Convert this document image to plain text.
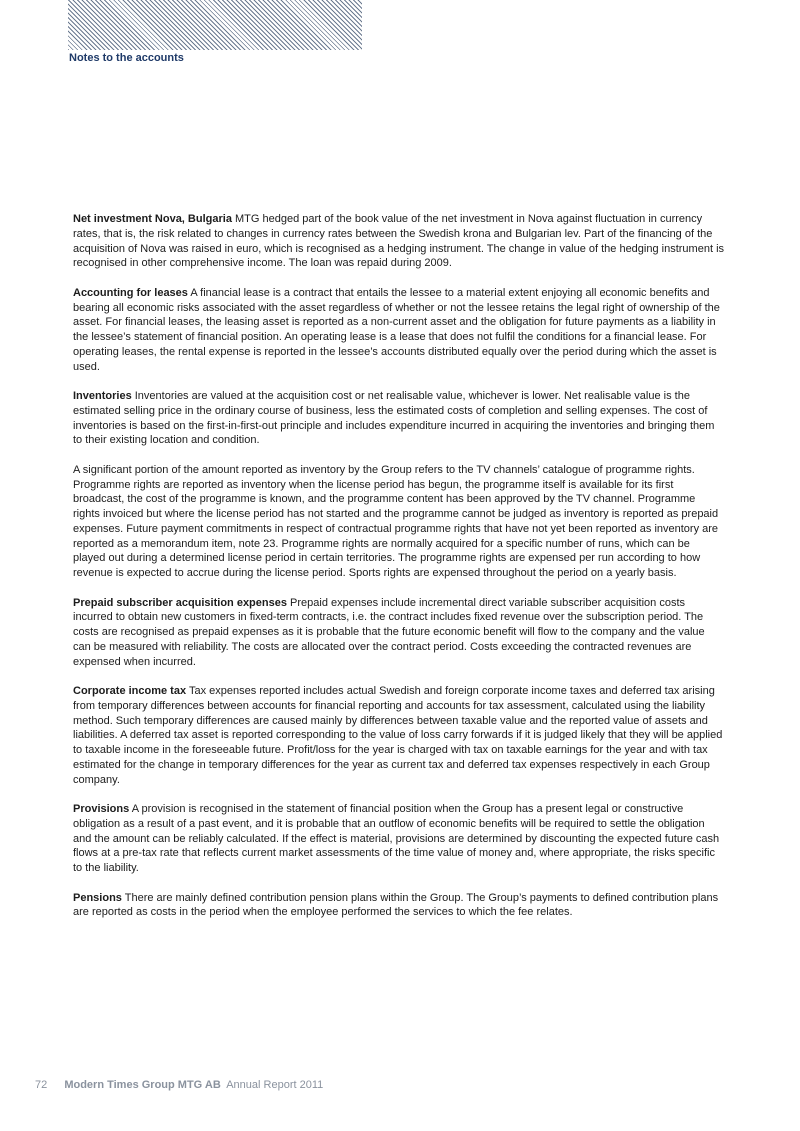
Notes to the accounts

Net investment Nova, Bulgaria MTG hedged part of the book value of the net investment in Nova against fluctuation in currency rates, that is, the risk related to changes in currency rates between the Swedish krona and Bulgarian lev. Part of the financing of the acquisition of Nova was raised in euro, which is recognised as a hedging instrument. The change in value of the hedging instrument is recognised in other comprehensive income. The loan was repaid during 2009.

Accounting for leases A financial lease is a contract that entails the lessee to a material extent enjoying all economic benefits and bearing all economic risks associated with the asset regardless of whether or not the lessee retains the legal right of ownership of the asset. For financial leases, the leasing asset is reported as a non-current asset and the obligation for future payments as a liability in the lessee’s statement of financial position. An operating lease is a lease that does not fulfil the conditions for a financial lease. For operating leases, the rental expense is reported in the lessee’s accounts distributed equally over the period during which the asset is used.

Inventories Inventories are valued at the acquisition cost or net realisable value, whichever is lower. Net realisable value is the estimated selling price in the ordinary course of business, less the estimated costs of completion and selling expenses. The cost of inventories is based on the first-in-first-out principle and includes expenditure incurred in acquiring the inventories and bringing them to their existing location and condition.

A significant portion of the amount reported as inventory by the Group refers to the TV channels’ catalogue of programme rights. Programme rights are reported as inventory when the license period has begun, the programme itself is available for its first broadcast, the cost of the programme is known, and the programme content has been approved by the TV channel. Programme rights invoiced but where the license period has not started and the programme cannot be judged as inventory is reported as prepaid expenses. Future payment commitments in respect of contractual programme rights that have not yet been reported as inventory are reported as a memorandum item, note 23. Programme rights are normally acquired for a specific number of runs, which can be played out during a determined license period in certain territories. The programme rights are expensed per run according to how revenue is expected to accrue during the license period. Sports rights are expensed throughout the period on a yearly basis.

Prepaid subscriber acquisition expenses Prepaid expenses include incremental direct variable subscriber acquisition costs incurred to obtain new customers in fixed-term contracts, i.e. the contract includes fixed revenue over the subscription period. The costs are recognised as prepaid expenses as it is probable that the future economic benefit will flow to the company and the value can be measured with reliability. The costs are allocated over the contract period. Costs exceeding the contracted revenues are expensed when incurred.

Corporate income tax Tax expenses reported includes actual Swedish and foreign corporate income taxes and deferred tax arising from temporary differences between accounts for financial reporting and accounts for tax assessment, calculated using the liability method. Such temporary differences are caused mainly by differences between taxable value and the reported value of assets and liabilities. A deferred tax asset is reported corresponding to the value of loss carry forwards if it is judged likely that they will be applied to taxable income in the foreseeable future. Profit/loss for the year is charged with tax on taxable earnings for the year and with tax estimated for the change in temporary differences for the year as current tax and deferred tax expenses respectively in each Group company.

Provisions A provision is recognised in the statement of financial position when the Group has a present legal or constructive obligation as a result of a past event, and it is probable that an outflow of economic benefits will be required to settle the obligation and the amount can be reliably calculated. If the effect is material, provisions are determined by discounting the expected future cash flows at a pre-tax rate that reflects current market assessments of the time value of money and, where appropriate, the risks specific to the liability.

Pensions There are mainly defined contribution pension plans within the Group. The Group’s payments to defined contribution plans are reported as costs in the period when the employee performed the services to which the fee relates.

72 Modern Times Group MTG AB Annual Report 2011
